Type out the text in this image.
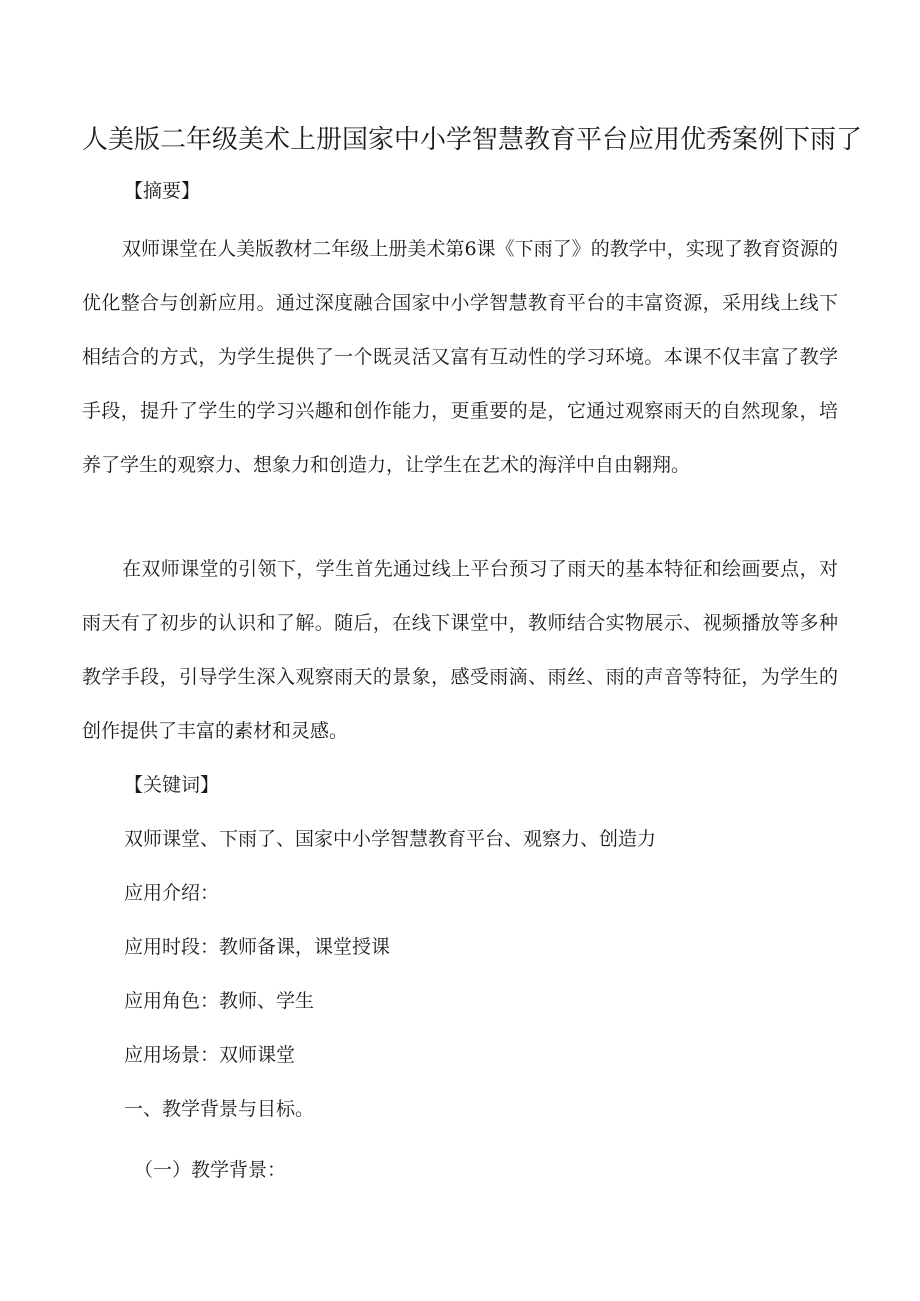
人美版二年级美术上册国家中小学智慧教育平台应用优秀案例下雨了
【摘要】
双师课堂在人美版教材二年级上册美术第6课《下雨了》的教学中，实现了教育资源的优化整合与创新应用。通过深度融合国家中小学智慧教育平台的丰富资源，采用线上线下相结合的方式，为学生提供了一个既灵活又富有互动性的学习环境。本课不仅丰富了教学手段，提升了学生的学习兴趣和创作能力，更重要的是，它通过观察雨天的自然现象，培养了学生的观察力、想象力和创造力，让学生在艺术的海洋中自由翱翔。
在双师课堂的引领下，学生首先通过线上平台预习了雨天的基本特征和绘画要点，对雨天有了初步的认识和了解。随后，在线下课堂中，教师结合实物展示、视频播放等多种教学手段，引导学生深入观察雨天的景象，感受雨滴、雨丝、雨的声音等特征，为学生的创作提供了丰富的素材和灵感。
【关键词】
双师课堂、下雨了、国家中小学智慧教育平台、观察力、创造力
应用介绍：
应用时段：教师备课，课堂授课
应用角色：教师、学生
应用场景：双师课堂
一、教学背景与目标。
（一）教学背景：
